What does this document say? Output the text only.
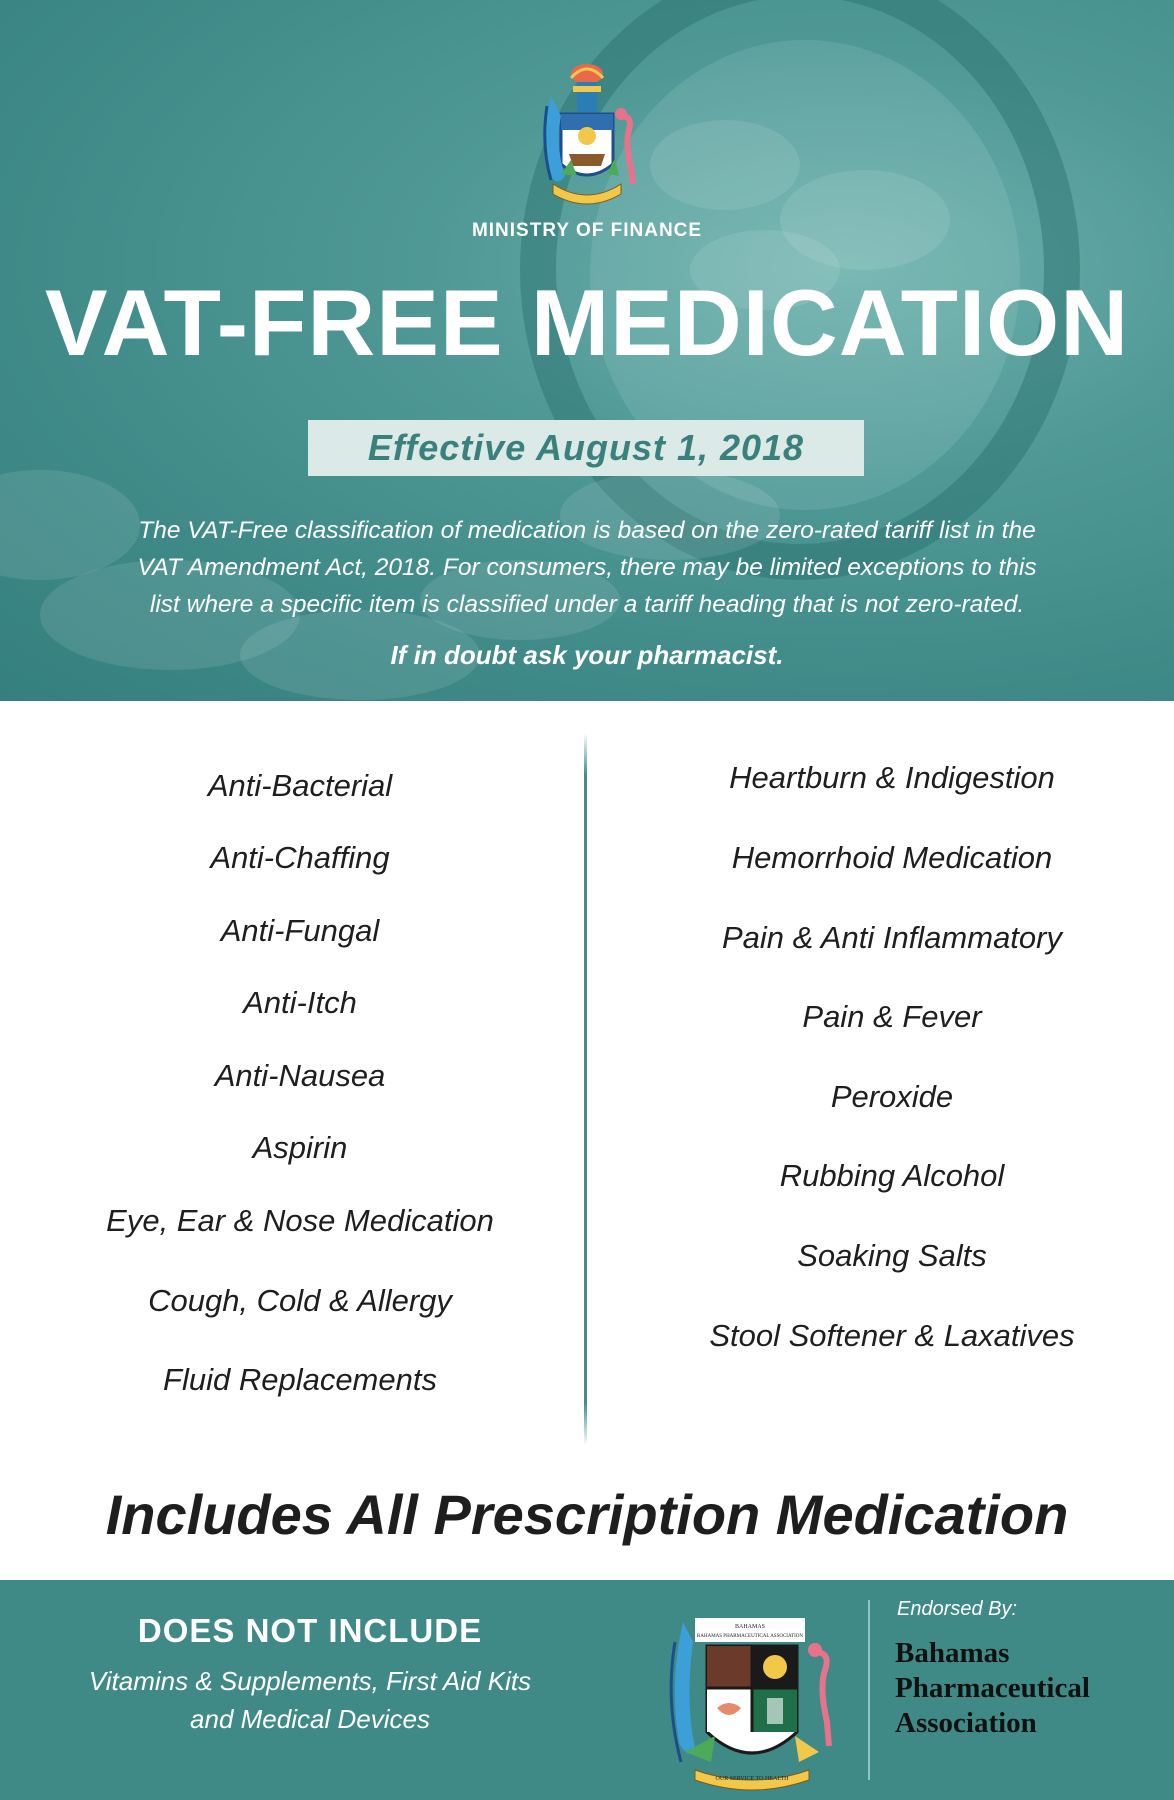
MINISTRY OF FINANCE
VAT-FREE MEDICATION
Effective August 1, 2018

The VAT-Free classification of medication is based on the zero-rated tariff list in the
VAT Amendment Act, 2018. For consumers, there may be limited exceptions to this
list where a specific item is classified under a tariff heading that is not zero-rated.

If in doubt ask your pharmacist.
Anti-Bacterial
Anti-Chaffing
Anti-Fungal
Anti-Itch
Anti-Nausea
Aspirin
Eye, Ear & Nose Medication
Cough, Cold & Allergy
Fluid Replacements
Heartburn & Indigestion
Hemorrhoid Medication
Pain & Anti Inflammatory
Pain & Fever
Peroxide
Rubbing Alcohol
Soaking Salts
Stool Softener & Laxatives
Includes All Prescription Medication
DOES NOT INCLUDE

Vitamins & Supplements, First Aid Kits
and Medical Devices

BAHAMAS
BAHAMAS PHARMACEUTICAL ASSOCIATION
OUR SERVICE TO HEALTH
Endorsed By:

Bahamas
Pharmaceutical
Association
